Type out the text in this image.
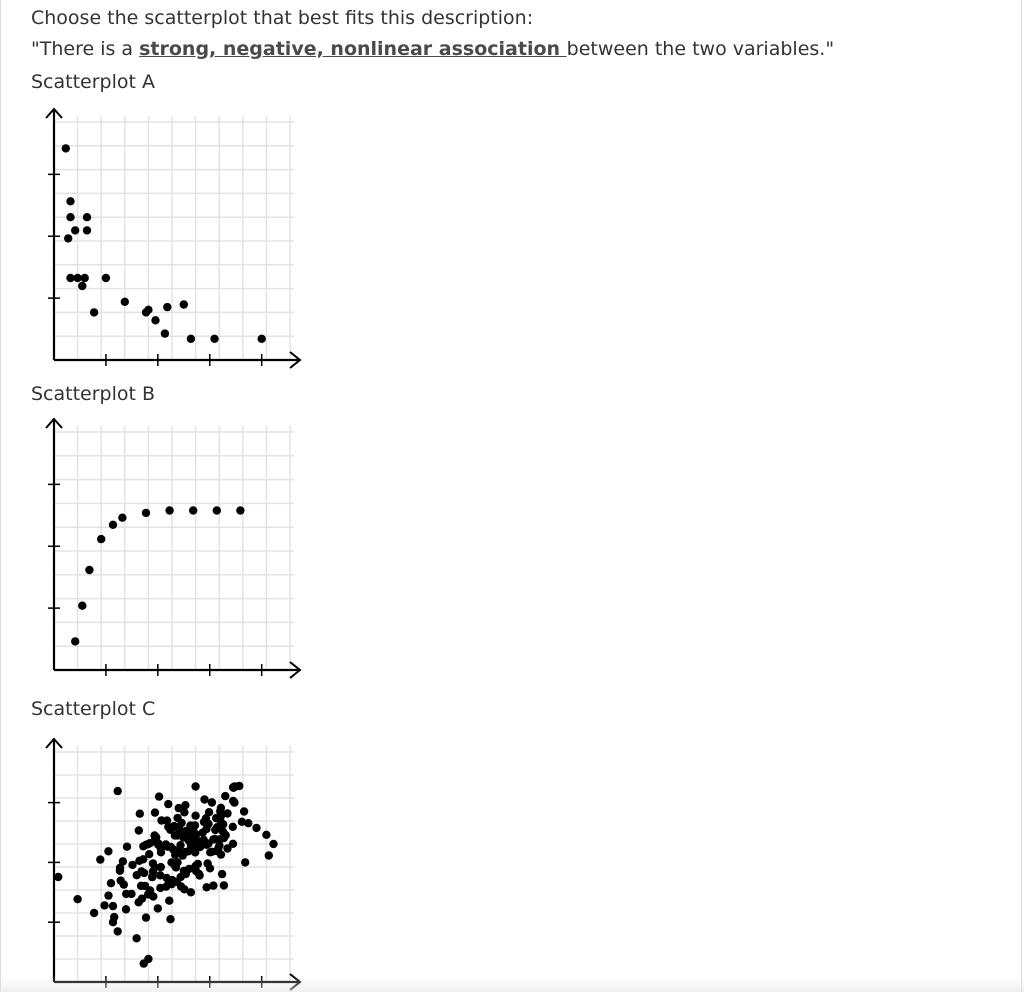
Choose the scatterplot that best fits this description:
"There is a strong, negative, nonlinear association between the two variables."
Scatterplot A
Scatterplot B
Scatterplot C
